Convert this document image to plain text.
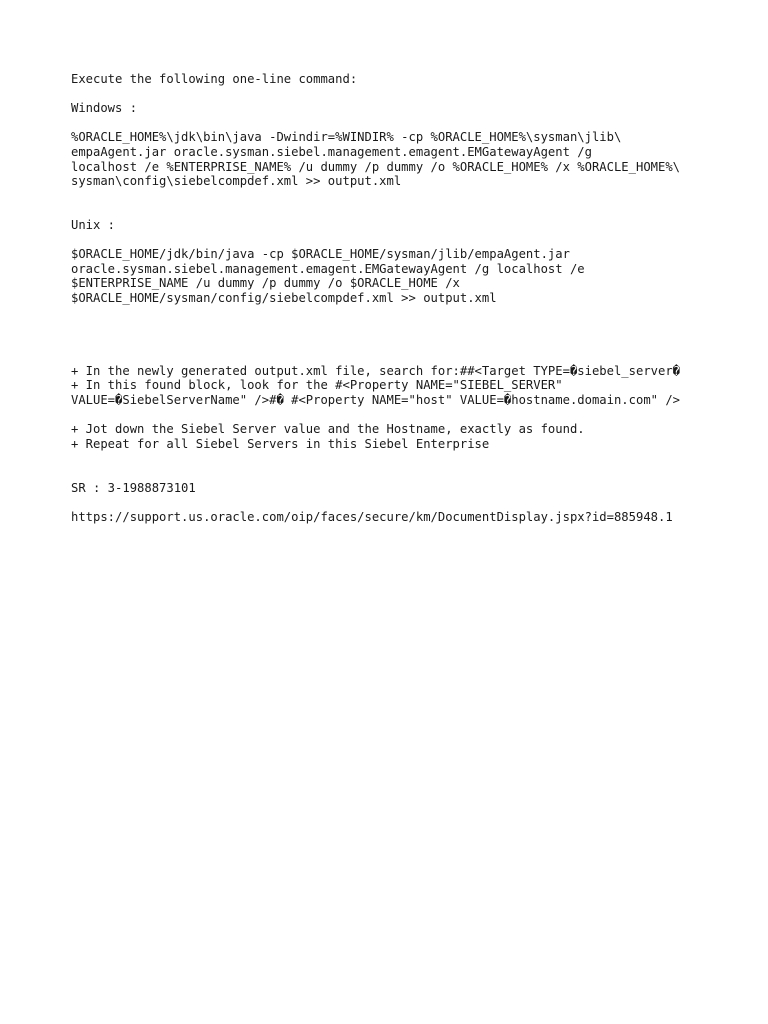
Execute the following one-line command:
Windows :
%ORACLE_HOME%\jdk\bin\java -Dwindir=%WINDIR% -cp %ORACLE_HOME%\sysman\jlib\
empaAgent.jar oracle.sysman.siebel.management.emagent.EMGatewayAgent /g
localhost /e %ENTERPRISE_NAME% /u dummy /p dummy /o %ORACLE_HOME% /x %ORACLE_HOME%\
sysman\config\siebelcompdef.xml >> output.xml
Unix :
$ORACLE_HOME/jdk/bin/java -cp $ORACLE_HOME/sysman/jlib/empaAgent.jar
oracle.sysman.siebel.management.emagent.EMGatewayAgent /g localhost /e
$ENTERPRISE_NAME /u dummy /p dummy /o $ORACLE_HOME /x
$ORACLE_HOME/sysman/config/siebelcompdef.xml >> output.xml
+ In the newly generated output.xml file, search for:##<Target TYPE=�siebel_server�
+ In this found block, look for the #<Property NAME="SIEBEL_SERVER"
VALUE=�SiebelServerName" />#� #<Property NAME="host" VALUE=�hostname.domain.com" />
+ Jot down the Siebel Server value and the Hostname, exactly as found.
+ Repeat for all Siebel Servers in this Siebel Enterprise
SR : 3-1988873101
https://support.us.oracle.com/oip/faces/secure/km/DocumentDisplay.jspx?id=885948.1
